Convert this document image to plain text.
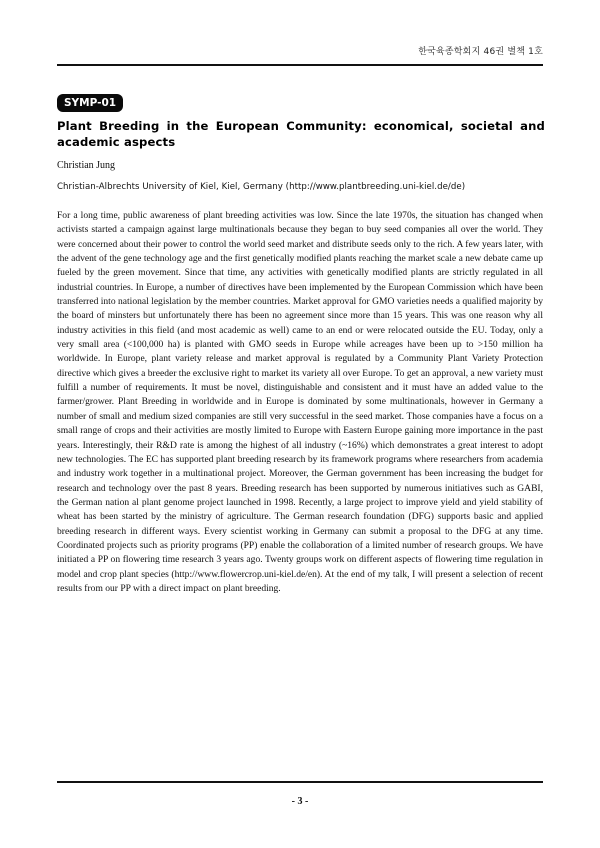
한국육종학회지 46권 별책 1호
SYMP-01
Plant Breeding in the European Community: economical, societal and academic aspects
Christian Jung
Christian-Albrechts University of Kiel, Kiel, Germany (http://www.plantbreeding.uni-kiel.de/de)

For a long time, public awareness of plant breeding activities was low. Since the late 1970s, the situation has changed when activists started a campaign against large multinationals because they began to buy seed companies all over the world. They were concerned about their power to control the world seed market and distribute seeds only to the rich. A few years later, with the advent of the gene technology age and the first genetically modified plants reaching the market scale a new debate came up fueled by the green movement. Since that time, any activities with genetically modified plants are strictly regulated in all industrial countries. In Europe, a number of directives have been implemented by the European Commission which have been transferred into national legislation by the member countries. Market approval for GMO varieties needs a qualified majority by the board of minsters but unfortunately there has been no agreement since more than 15 years. This was one reason why all industry activities in this field (and most academic as well) came to an end or were relocated outside the EU. Today, only a very small area (<100,000 ha) is planted with GMO seeds in Europe while acreages have been up to >150 million ha worldwide. In Europe, plant variety release and market approval is regulated by a Community Plant Variety Protection directive which gives a breeder the exclusive right to market its variety all over Europe. To get an approval, a new variety must fulfill a number of requirements. It must be novel, distinguishable and consistent and it must have an added value to the farmer/grower. Plant Breeding in worldwide and in Europe is dominated by some multinationals, however in Germany a number of small and medium sized companies are still very successful in the seed market. Those companies have a focus on a small range of crops and their activities are mostly limited to Europe with Eastern Europe gaining more importance in the past years. Interestingly, their R&D rate is among the highest of all industry (~16%) which demonstrates a great interest to adopt new technologies. The EC has supported plant breeding research by its framework programs where researchers from academia and industry work together in a multinational project. Moreover, the German government has been increasing the budget for research and technology over the past 8 years. Breeding research has been supported by numerous initiatives such as GABI, the German nation al plant genome project launched in 1998. Recently, a large project to improve yield and yield stability of wheat has been started by the ministry of agriculture. The German research foundation (DFG) supports basic and applied breeding research in different ways. Every scientist working in Germany can submit a proposal to the DFG at any time. Coordinated projects such as priority programs (PP) enable the collaboration of a limited number of research groups. We have initiated a PP on flowering time research 3 years ago. Twenty groups work on different aspects of flowering time regulation in model and crop plant species (http://www.flowercrop.uni-kiel.de/en). At the end of my talk, I will present a selection of recent results from our PP with a direct impact on plant breeding.

- 3 -
